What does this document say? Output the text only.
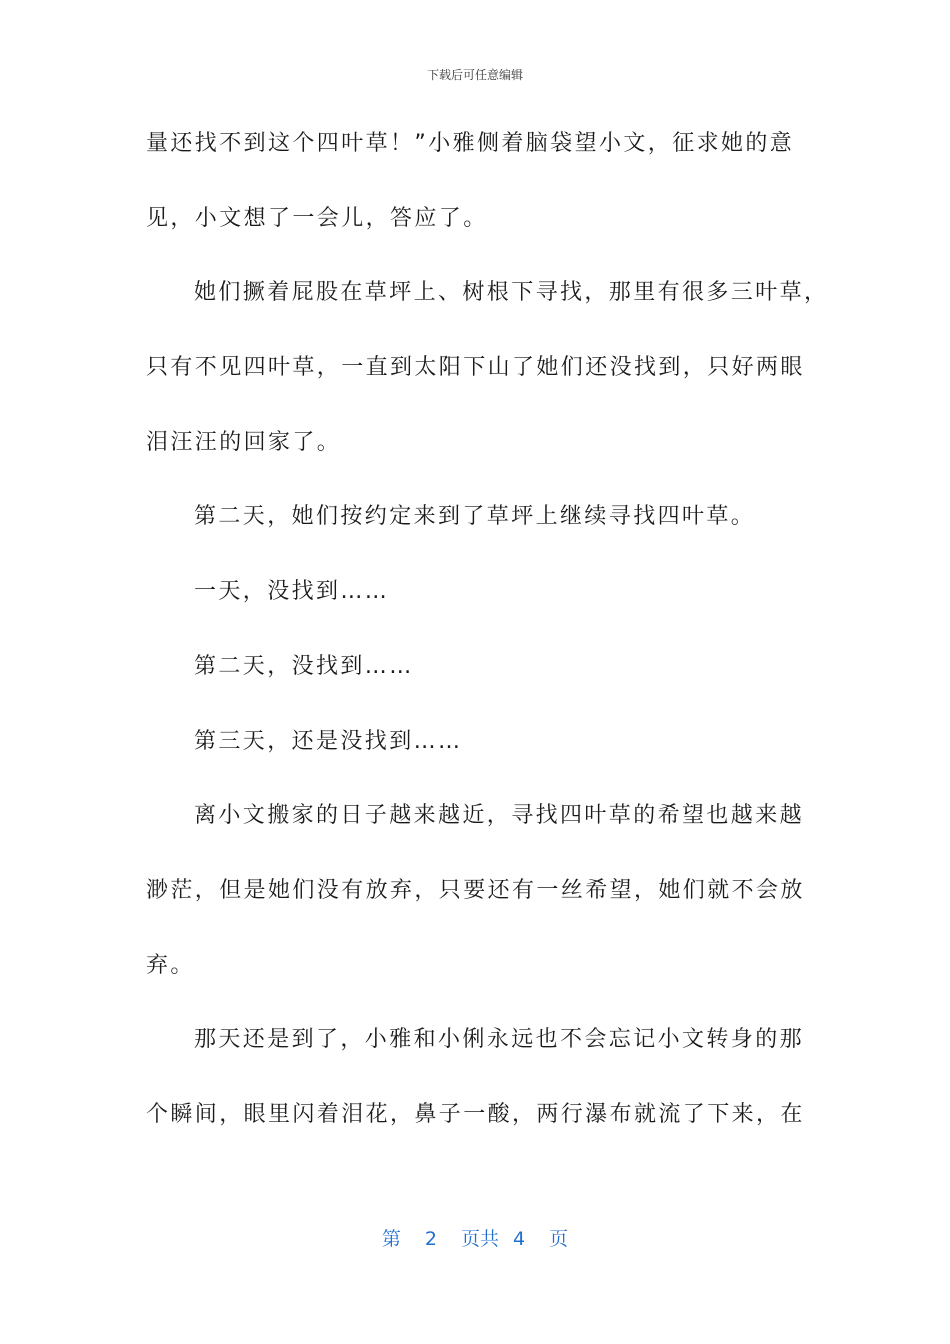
下载后可任意编辑
量还找不到这个四叶草！”小雅侧着脑袋望小文，征求她的意
见，小文想了一会儿，答应了。
她们撅着屁股在草坪上、树根下寻找，那里有很多三叶草，
只有不见四叶草，一直到太阳下山了她们还没找到，只好两眼
泪汪汪的回家了。
第二天，她们按约定来到了草坪上继续寻找四叶草。
一天，没找到……
第二天，没找到……
第三天，还是没找到……
离小文搬家的日子越来越近，寻找四叶草的希望也越来越
渺茫，但是她们没有放弃，只要还有一丝希望，她们就不会放
弃。
那天还是到了，小雅和小俐永远也不会忘记小文转身的那
个瞬间，眼里闪着泪花，鼻子一酸，两行瀑布就流了下来，在
第 2 页共 4 页
